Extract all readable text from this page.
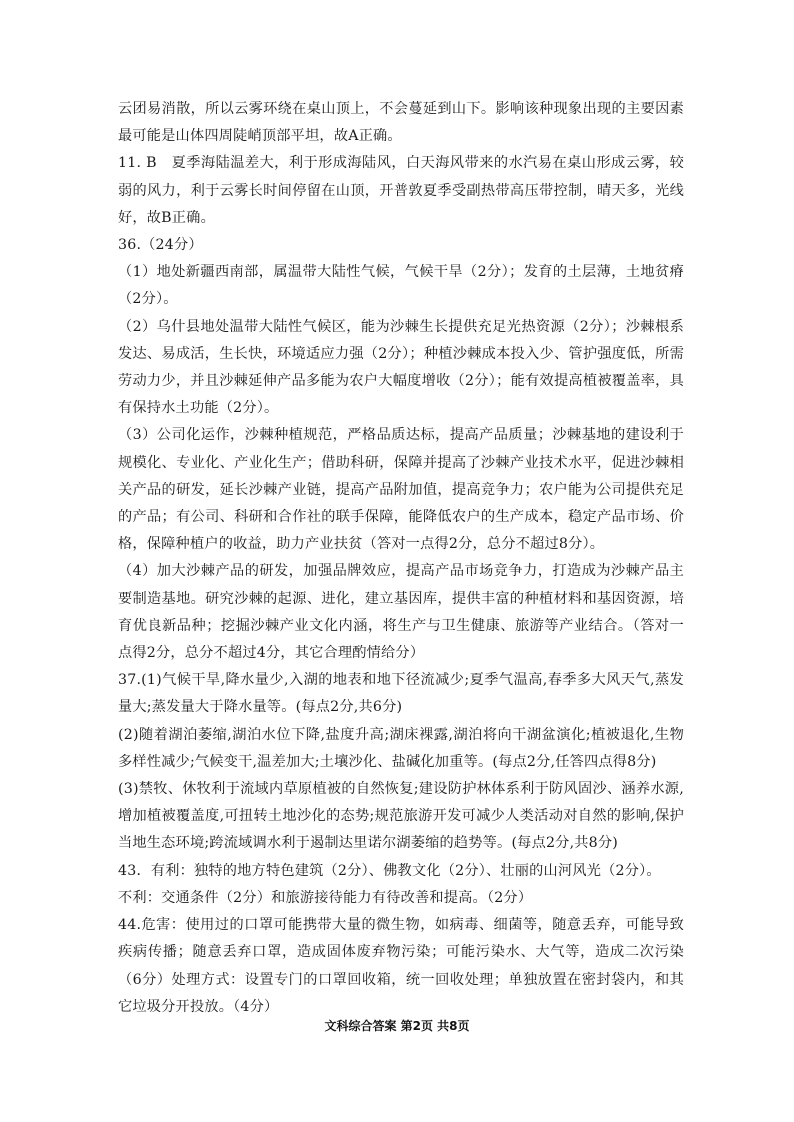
云团易消散，所以云雾环绕在桌山顶上，不会蔓延到山下。影响该种现象出现的主要因素最可能是山体四周陡峭顶部平坦，故A正确。

11. B　夏季海陆温差大，利于形成海陆风，白天海风带来的水汽易在桌山形成云雾，较弱的风力，利于云雾长时间停留在山顶，开普敦夏季受副热带高压带控制，晴天多，光线好，故B正确。

36.（24分）

（1）地处新疆西南部，属温带大陆性气候，气候干旱（2分）；发育的土层薄，土地贫瘠（2分）。

（2）乌什县地处温带大陆性气候区，能为沙棘生长提供充足光热资源（2分）；沙棘根系发达、易成活，生长快，环境适应力强（2分）；种植沙棘成本投入少、管护强度低，所需劳动力少，并且沙棘延伸产品多能为农户大幅度增收（2分）；能有效提高植被覆盖率，具有保持水土功能（2分）。

（3）公司化运作，沙棘种植规范，严格品质达标，提高产品质量；沙棘基地的建设利于规模化、专业化、产业化生产；借助科研，保障并提高了沙棘产业技术水平，促进沙棘相关产品的研发，延长沙棘产业链，提高产品附加值，提高竞争力；农户能为公司提供充足的产品；有公司、科研和合作社的联手保障，能降低农户的生产成本，稳定产品市场、价格，保障种植户的收益，助力产业扶贫（答对一点得2分，总分不超过8分）。

（4）加大沙棘产品的研发，加强品牌效应，提高产品市场竞争力，打造成为沙棘产品主要制造基地。研究沙棘的起源、进化，建立基因库，提供丰富的种植材料和基因资源，培育优良新品种；挖掘沙棘产业文化内涵，将生产与卫生健康、旅游等产业结合。（答对一点得2分，总分不超过4分，其它合理酌情给分）

37.(1)气候干旱,降水量少,入湖的地表和地下径流减少;夏季气温高,春季多大风天气,蒸发量大;蒸发量大于降水量等。(每点2分,共6分)

(2)随着湖泊萎缩,湖泊水位下降,盐度升高;湖床裸露,湖泊将向干湖盆演化;植被退化,生物多样性减少;气候变干,温差加大;土壤沙化、盐碱化加重等。(每点2分,任答四点得8分)

(3)禁牧、休牧利于流域内草原植被的自然恢复;建设防护林体系利于防风固沙、涵养水源,增加植被覆盖度,可扭转土地沙化的态势;规范旅游开发可减少人类活动对自然的影响,保护当地生态环境;跨流域调水利于遏制达里诺尔湖萎缩的趋势等。(每点2分,共8分)

43．有利：独特的地方特色建筑（2分）、佛教文化（2分）、壮丽的山河风光（2分）。

不利：交通条件（2分）和旅游接待能力有待改善和提高。（2分）

44.危害：使用过的口罩可能携带大量的微生物，如病毒、细菌等，随意丢弃，可能导致疾病传播；随意丢弃口罩，造成固体废弃物污染；可能污染水、大气等，造成二次污染（6分）处理方式：设置专门的口罩回收箱，统一回收处理；单独放置在密封袋内，和其它垃圾分开投放。（4分）

文科综合答案 第2页 共8页
